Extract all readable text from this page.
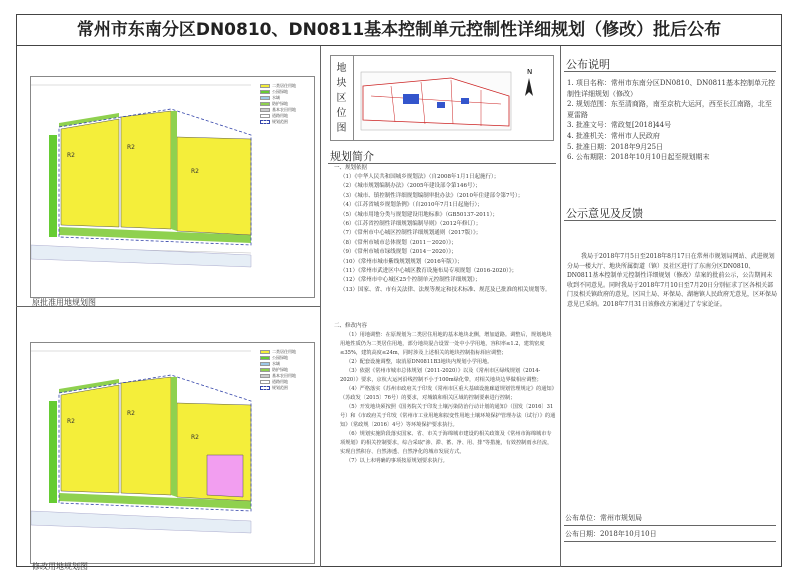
常州市东南分区DN0810、DN0811基本控制单元控制性详细规划（修改）批后公布
R2
R2
R2
二类居住用地
公园绿地
水域
防护绿地
基本农田用地
道路用地
规划范围
原批准用地规划图
R2
R2
R2
二类居住用地
公园绿地
水域
防护绿地
基本农田用地
道路用地
规划范围
修改用地规划图
N
地块区位图
规划简介
一、规划依据
（1）《中华人民共和国城乡规划法》（自2008年1月1日起施行）；
（2）《城市规划编制办法》（2005年建设部令第146号）；
（3）《城市、镇控制性详细规划编制审批办法》（2010年住建部令第7号）；
（4）《江苏省城乡规划条例》（自2010年7月1日起施行）；
（5）《城市用地分类与规划建设用地标准》（GB50137-2011）；
（6）《江苏省控制性详细规划编制导则》（2012年修订）；
（7）《常州市中心城区控制性详细规划通则（2017版）》；
（8）《常州市城市总体规划（2011－2020）》；
（9）《常州市城市绿线规划（2014－2020）》；
（10）《常州市城市紫线规划规划（2016年版）》；
（11）《常州市武进区中心城区教育设施布局专项规划（2016-2020）》；
（12）《常州市中心城区25个控制单元控制性详细规划》；
（13）国家、省、市有关法律、法规等规定和技术标准、规范及已批准的相关规划等。
二、修改内容
（1）用地调整：在原规划为二类居住用地的基本地块北侧，增加道路。调整后，规划地块用地性质仍为二类居住用地，部分地块混合设置一处中小学用地，容积率≤1.2，建筑密度≤35%，建筑高度≤24m，同时涉及上述相关的地块控制指标相应调整；
（2）配套设施调整，取消原DN0811B3地块内规划小学用地。
（3）依据《常州市城市总体规划（2011-2020）》以及《常州市区绿线规划（2014-2020）》要求，京杭大运河沿线控制不小于100m绿化带，对相关地块边界做相应调整；
（4）严格落实《苏州市政府关于印发《常州市区重大基础设施廊道规划管理规定》的通知》（苏政发〔2015〕76号）的要求，对城镇和相关区域的控制要素进行控制；
（5）开发地块须按照《国务院关于印发土壤污染防治行动计划的通知》（国发〔2016〕31号）和《市政府关于印发《常州市工业用地和拟变性用地土壤环境保护管理办法（试行）》的通知》（常政规〔2016〕4号）等环境保护要求执行。
（6）规划实施阶段落实国家、省、市关于海绵城市建设的相关政策及《常州市海绵城市专项规划》的相关控制要求，综合采取"渗、滞、蓄、净、用、排"等措施，有效控制雨水径流，实现自然积存、自然渗透、自然净化的城市发展方式。
（7）以上未明确的事项按原规划要求执行。
公布说明
1. 项目名称：常州市东南分区DN0810、DN0811基本控制单元控制性详细规划（修改）
2. 规划范围：东至清商路，南至京杭大运河，西至长江南路，北至夏雷路
3. 批准文号：常政复[2018]44号
4. 批准机关：常州市人民政府
5. 批准日期：2018年9月25日
6. 公布期限：2018年10月10日起至规划期末
公示意见及反馈
我局于2018年7月5日至2018年8月17日在常州市规划局网站、武进规划分局一楼大厅、地块所属街道（镇）及社区进行了东南分区DN0810、DN0811基本控制单元控制性详细规划（修改）草案的批前公示，公告期间未收到不同意见。同时我局于2018年7月10日至7月20日分别征求了区各相关部门及相关镇政府的意见，区国土局、环保局、湖塘镇人民政府无意见，区环保局意见已采纳。2018年7月31日该修改方案通过了专家论证。
公布单位：常州市规划局
公布日期：2018年10月10日
